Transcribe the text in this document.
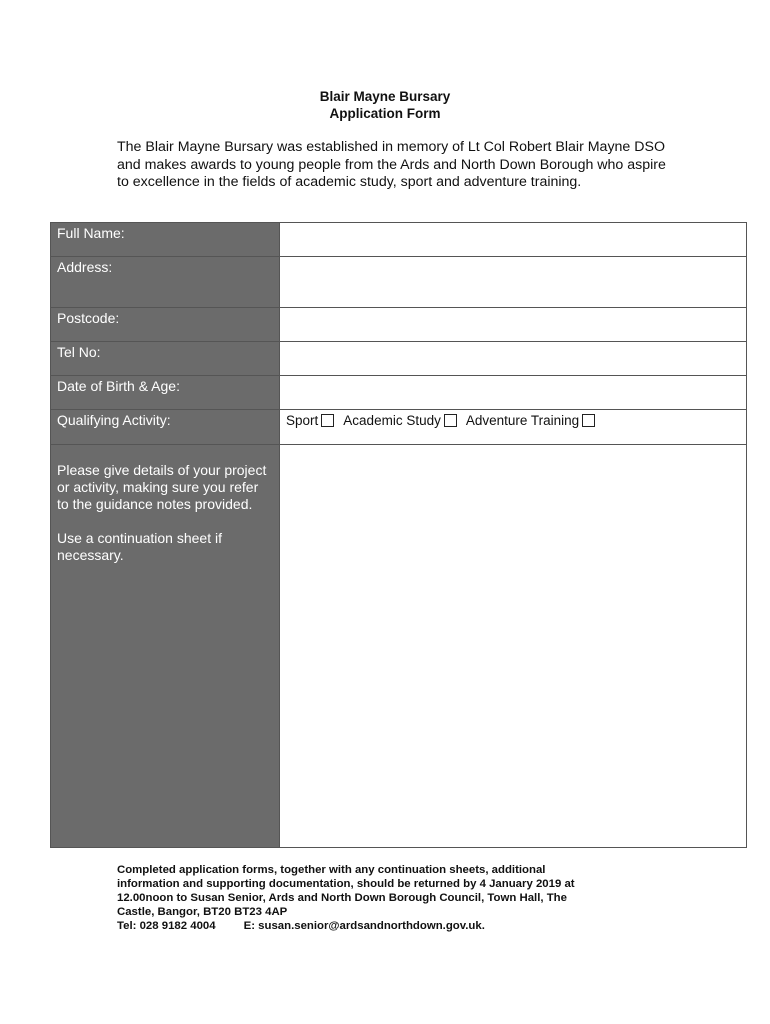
Blair Mayne Bursary
Application Form
The Blair Mayne Bursary was established in memory of Lt Col Robert Blair Mayne DSO and makes awards to young people from the Ards and North Down Borough who aspire to excellence in the fields of academic study, sport and adventure training.
Full Name:
Address:
Postcode:
Tel No:
Date of Birth & Age:
Qualifying Activity:	Sport Academic Study Adventure Training

Please give details of your project or activity, making sure you refer to the guidance notes provided.

Use a continuation sheet if necessary.

Completed application forms, together with any continuation sheets, additional
information and supporting documentation, should be returned by 4 January 2019 at
12.00noon to Susan Senior, Ards and North Down Borough Council, Town Hall, The
Castle, Bangor, BT20 BT23 4AP
Tel: 028 9182 4004 E: susan.senior@ardsandnorthdown.gov.uk.
